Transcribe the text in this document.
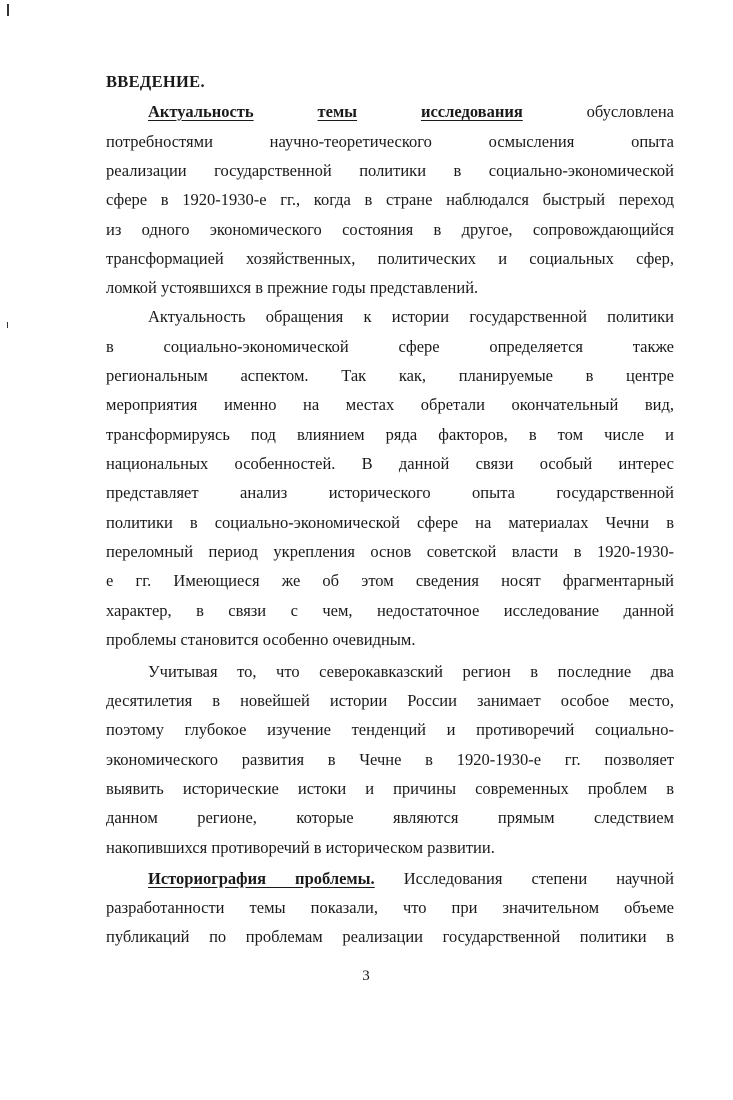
ВВЕДЕНИЕ.
Актуальность	темы	исследования	обусловлена
потребностями научно-теоретического осмысления опыта
реализации государственной политики в социально-экономической
сфере в 1920-1930-е гг., когда в стране наблюдался быстрый переход
из одного экономического состояния в другое, сопровождающийся
трансформацией хозяйственных, политических и социальных сфер,
ломкой устоявшихся в прежние годы представлений.
Актуальность обращения к истории государственной политики
в социально-экономической сфере определяется также
региональным аспектом. Так как, планируемые в центре
мероприятия именно на местах обретали окончательный вид,
трансформируясь под влиянием ряда факторов, в том числе и
национальных особенностей. В данной связи особый интерес
представляет анализ исторического опыта государственной
политики в социально-экономической сфере на материалах Чечни в
переломный период укрепления основ советской власти в 1920-1930-
е гг. Имеющиеся же об этом сведения носят фрагментарный
характер, в связи с чем, недостаточное исследование данной
проблемы становится особенно очевидным.
Учитывая то, что северокавказский регион в последние два
десятилетия в новейшей истории России занимает особое место,
поэтому глубокое изучение тенденций и противоречий социально-
экономического развития в Чечне в 1920-1930-е гг. позволяет
выявить исторические истоки и причины современных проблем в
данном регионе, которые являются прямым следствием
накопившихся противоречий в историческом развитии.
Историография проблемы. Исследования степени научной
разработанности темы показали, что при значительном объеме
публикаций по проблемам реализации государственной политики в
3
